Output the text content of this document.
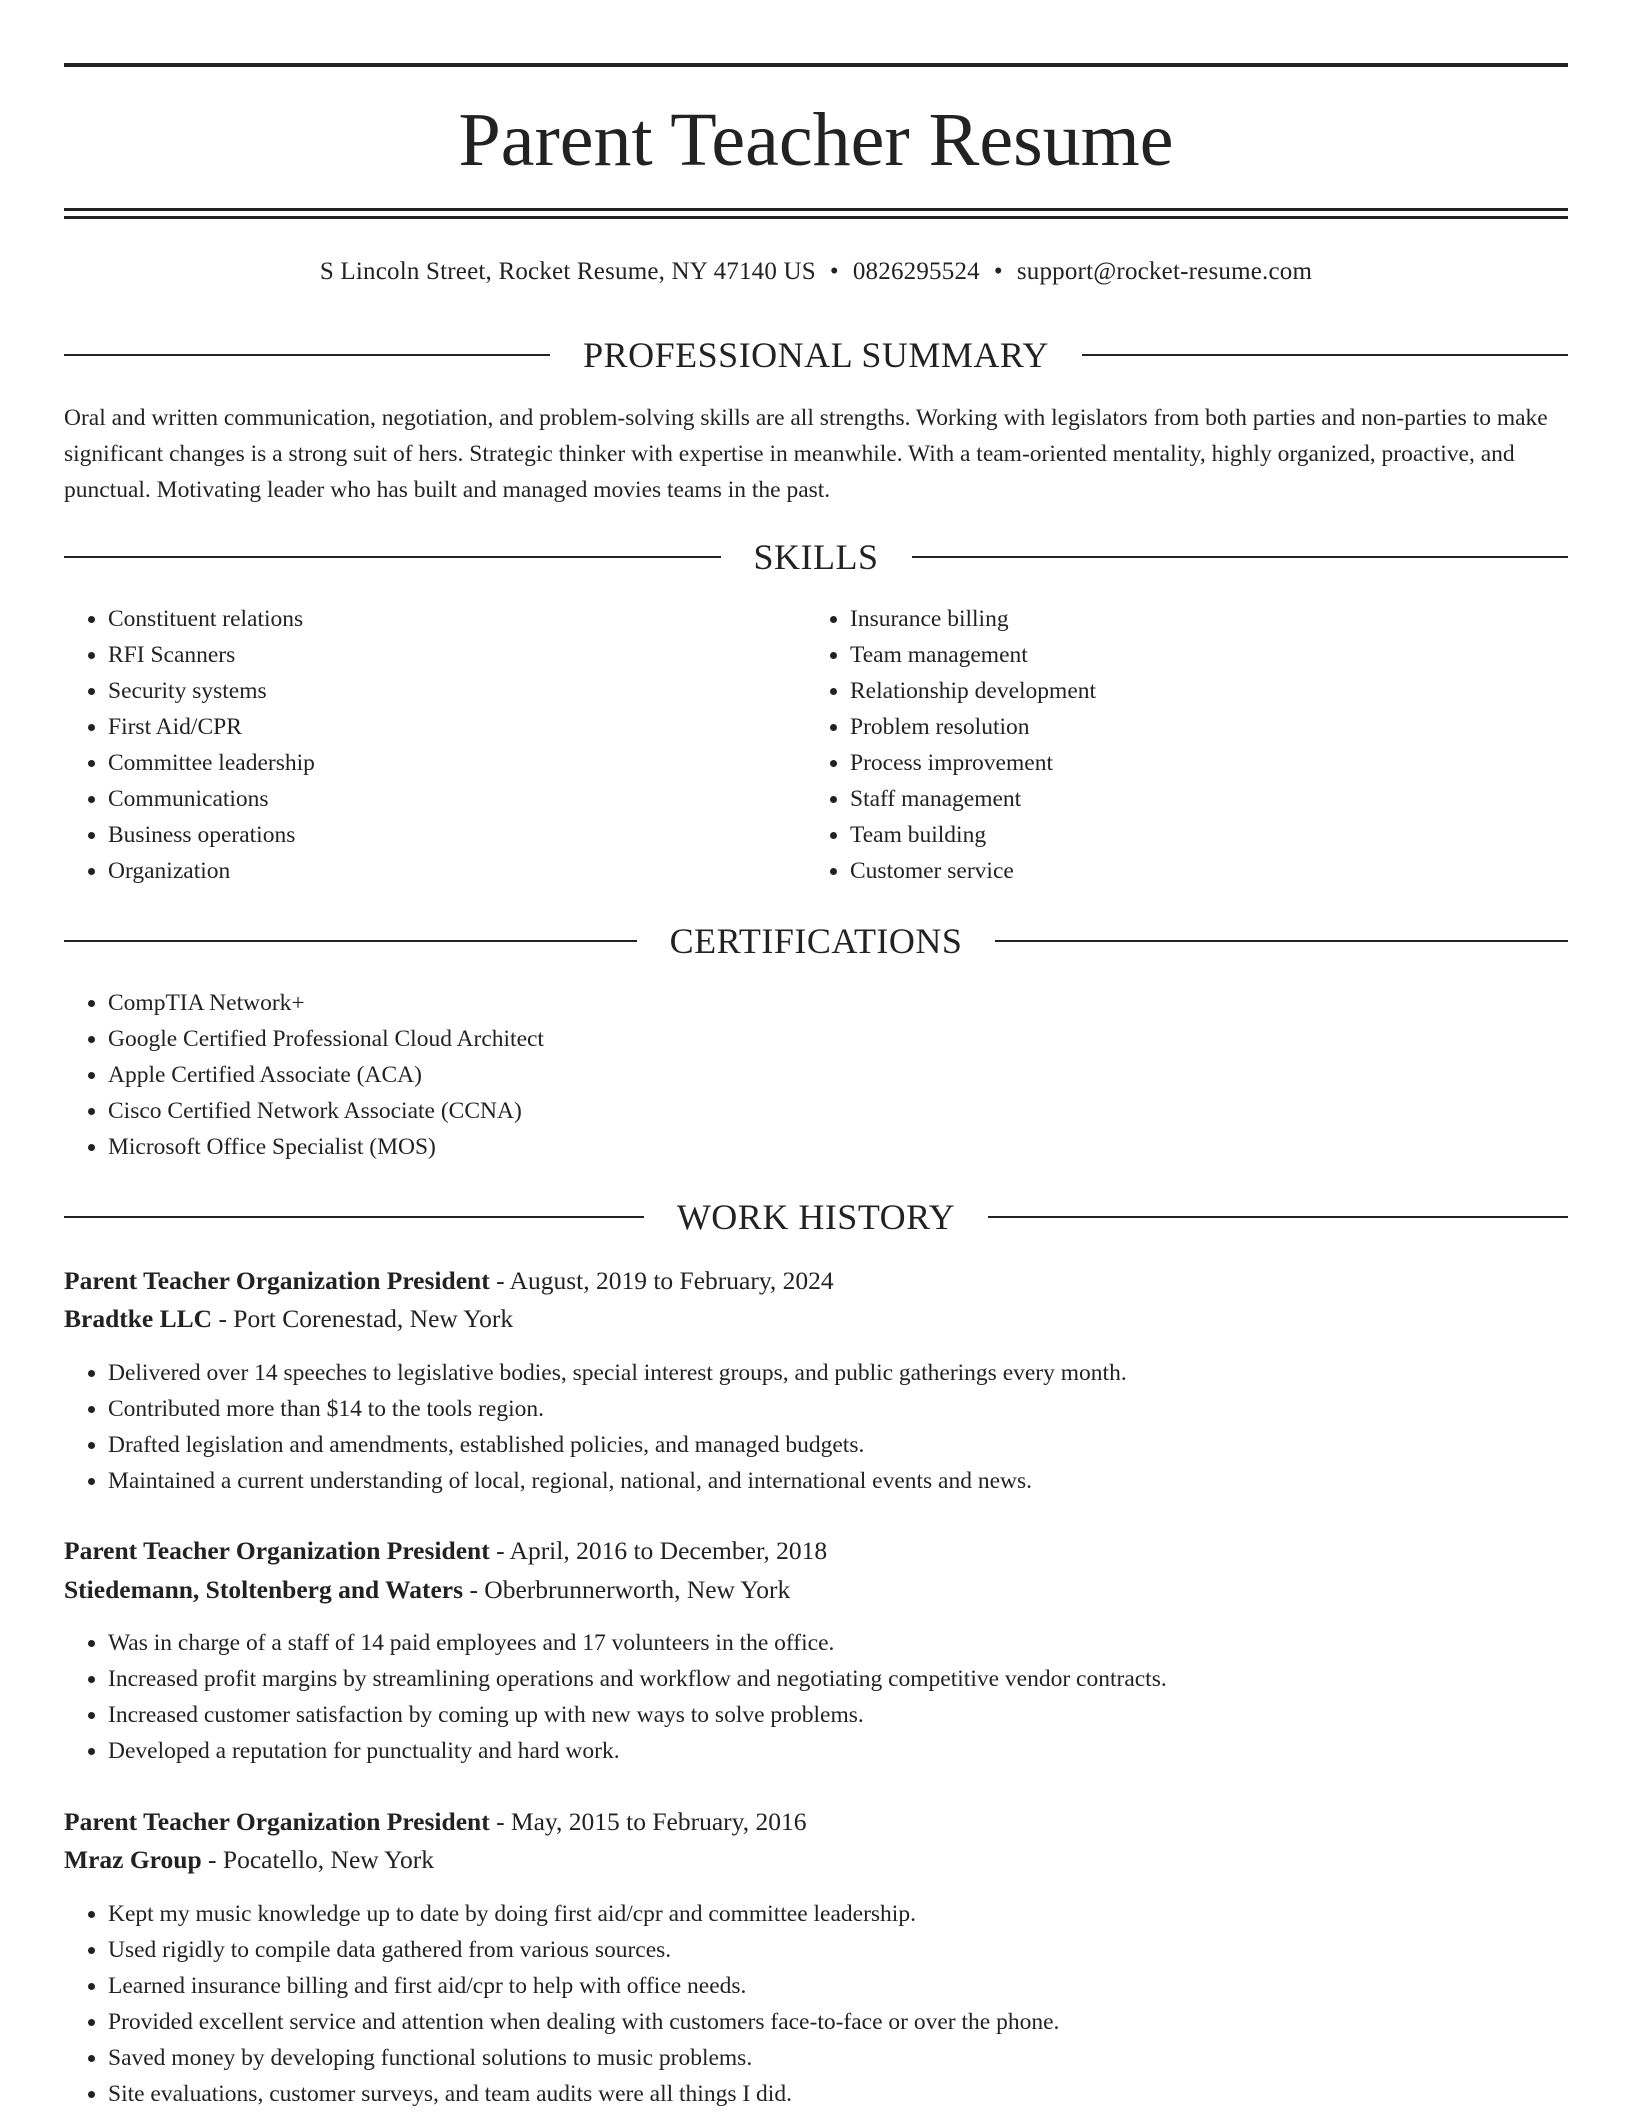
Parent Teacher Resume
S Lincoln Street, Rocket Resume, NY 47140 US • 0826295524 • support@rocket-resume.com
PROFESSIONAL SUMMARY

Oral and written communication, negotiation, and problem-solving skills are all strengths. Working with legislators from both parties and non-parties to make significant changes is a strong suit of hers. Strategic thinker with expertise in meanwhile. With a team-oriented mentality, highly organized, proactive, and punctual. Motivating leader who has built and managed movies teams in the past.

SKILLS
• Constituent relations
• RFI Scanners
• Security systems
• First Aid/CPR
• Committee leadership
• Communications
• Business operations
• Organization
• Insurance billing
• Team management
• Relationship development
• Problem resolution
• Process improvement
• Staff management
• Team building
• Customer service
CERTIFICATIONS
• CompTIA Network+
• Google Certified Professional Cloud Architect
• Apple Certified Associate (ACA)
• Cisco Certified Network Associate (CCNA)
• Microsoft Office Specialist (MOS)
WORK HISTORY
Parent Teacher Organization President - August, 2019 to February, 2024
Bradtke LLC - Port Corenestad, New York
• Delivered over 14 speeches to legislative bodies, special interest groups, and public gatherings every month.
• Contributed more than $14 to the tools region.
• Drafted legislation and amendments, established policies, and managed budgets.
• Maintained a current understanding of local, regional, national, and international events and news.
Parent Teacher Organization President - April, 2016 to December, 2018
Stiedemann, Stoltenberg and Waters - Oberbrunnerworth, New York
• Was in charge of a staff of 14 paid employees and 17 volunteers in the office.
• Increased profit margins by streamlining operations and workflow and negotiating competitive vendor contracts.
• Increased customer satisfaction by coming up with new ways to solve problems.
• Developed a reputation for punctuality and hard work.
Parent Teacher Organization President - May, 2015 to February, 2016
Mraz Group - Pocatello, New York
• Kept my music knowledge up to date by doing first aid/cpr and committee leadership.
• Used rigidly to compile data gathered from various sources.
• Learned insurance billing and first aid/cpr to help with office needs.
• Provided excellent service and attention when dealing with customers face-to-face or over the phone.
• Saved money by developing functional solutions to music problems.
• Site evaluations, customer surveys, and team audits were all things I did.
